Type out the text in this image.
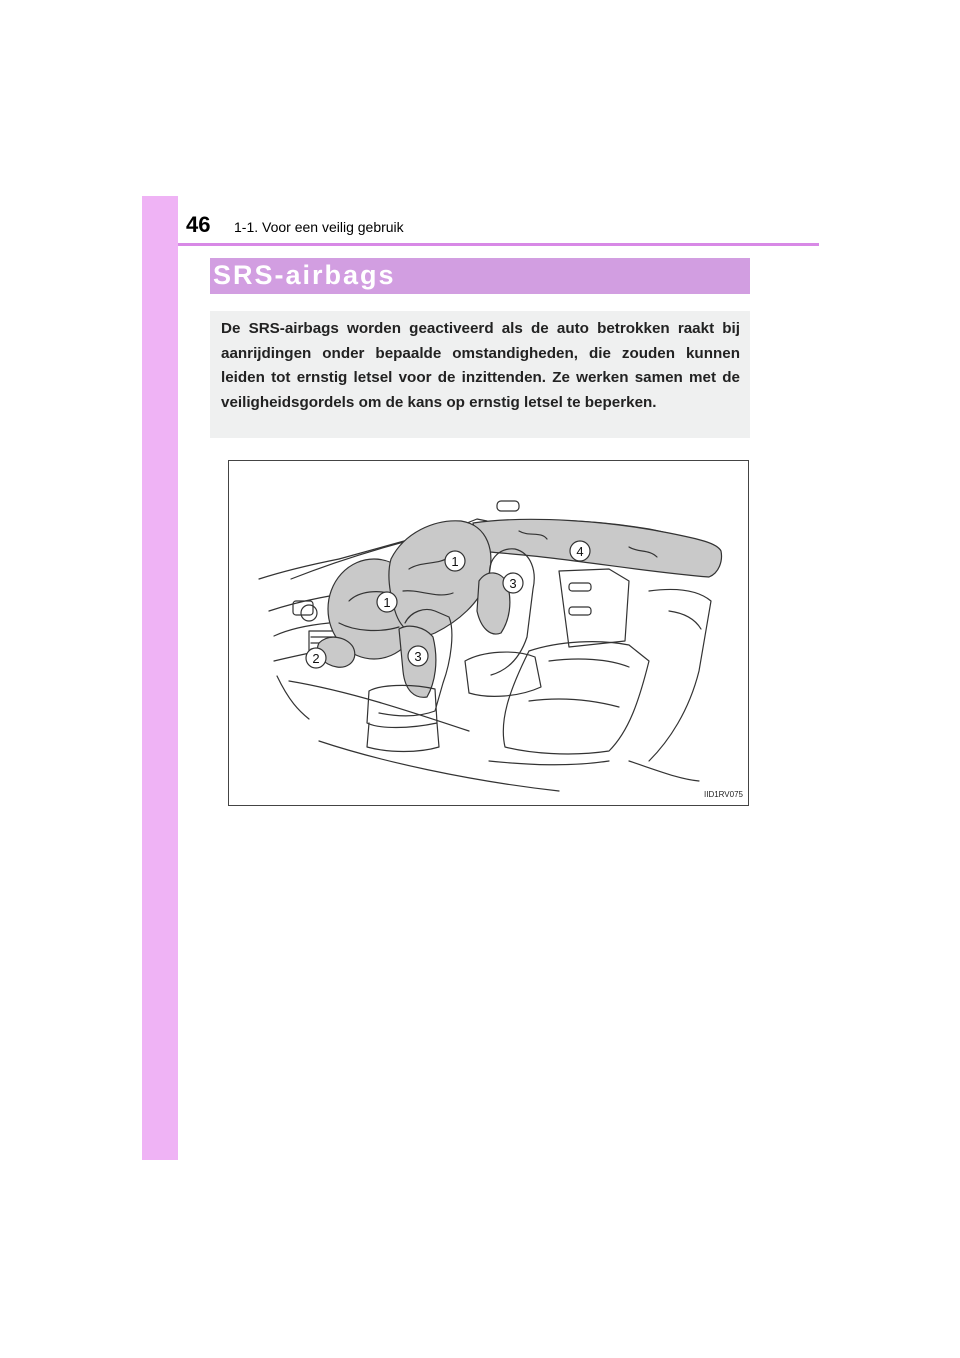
46 1-1. Voor een veilig gebruik
SRS-airbags

De SRS-airbags worden geactiveerd als de auto betrokken raakt bij aanrijdingen onder bepaalde omstandigheden, die zouden kunnen leiden tot ernstig letsel voor de inzittenden. Ze werken samen met de veiligheidsgordels om de kans op ernstig letsel te beperken.

1
1
2
3
3
4
IID1RV075
